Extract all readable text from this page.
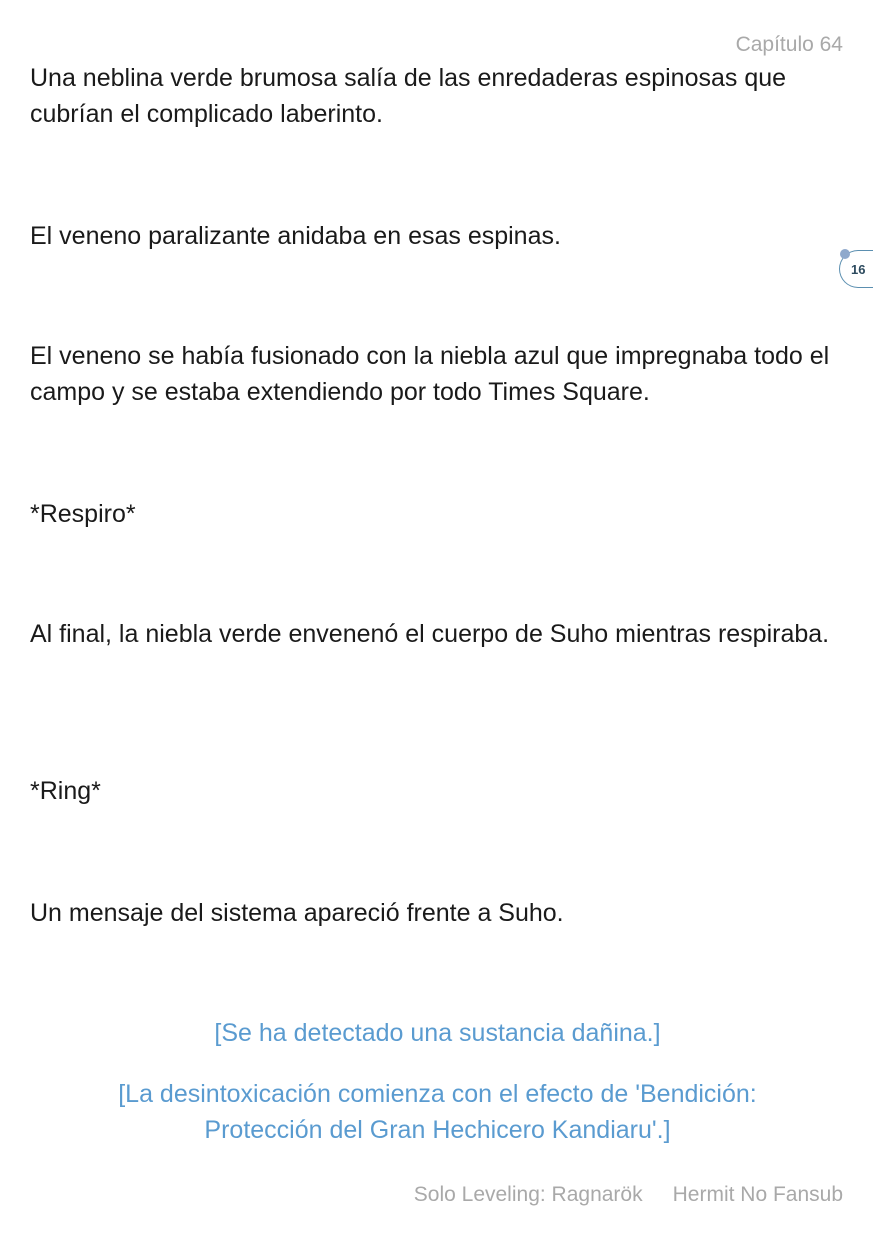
Capítulo 64

Una neblina verde brumosa salía de las enredaderas espinosas que cubrían el complicado laberinto.

El veneno paralizante anidaba en esas espinas.

16

El veneno se había fusionado con la niebla azul que impregnaba todo el campo y se estaba extendiendo por todo Times Square.

*Respiro*

Al final, la niebla verde envenenó el cuerpo de Suho mientras respiraba.

*Ring*

Un mensaje del sistema apareció frente a Suho.

[Se ha detectado una sustancia dañina.]

[La desintoxicación comienza con el efecto de 'Bendición: Protección del Gran Hechicero Kandiaru'.]

Solo Leveling: Ragnarök Hermit No Fansub
